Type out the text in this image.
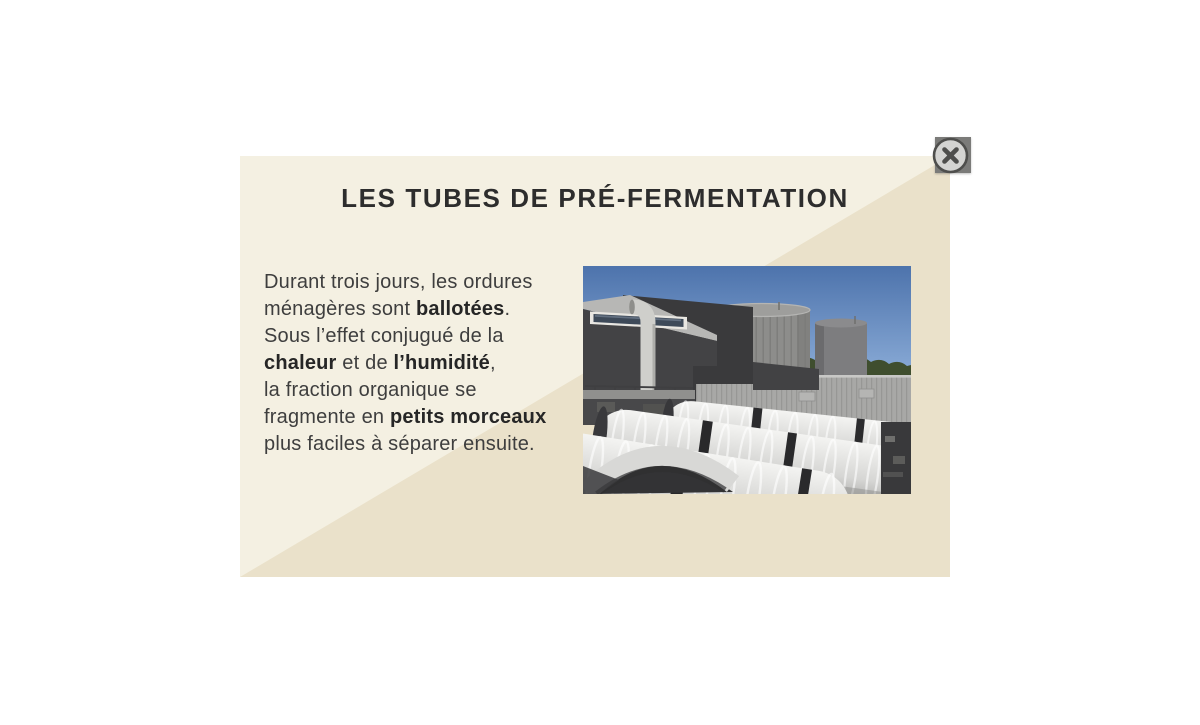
LES TUBES DE PRÉ-FERMENTATION
Durant trois jours, les ordures
ménagères sont ballotées.
Sous l’effet conjugué de la
chaleur et de l’humidité,
la fraction organique se
fragmente en petits morceaux
plus faciles à séparer ensuite.
